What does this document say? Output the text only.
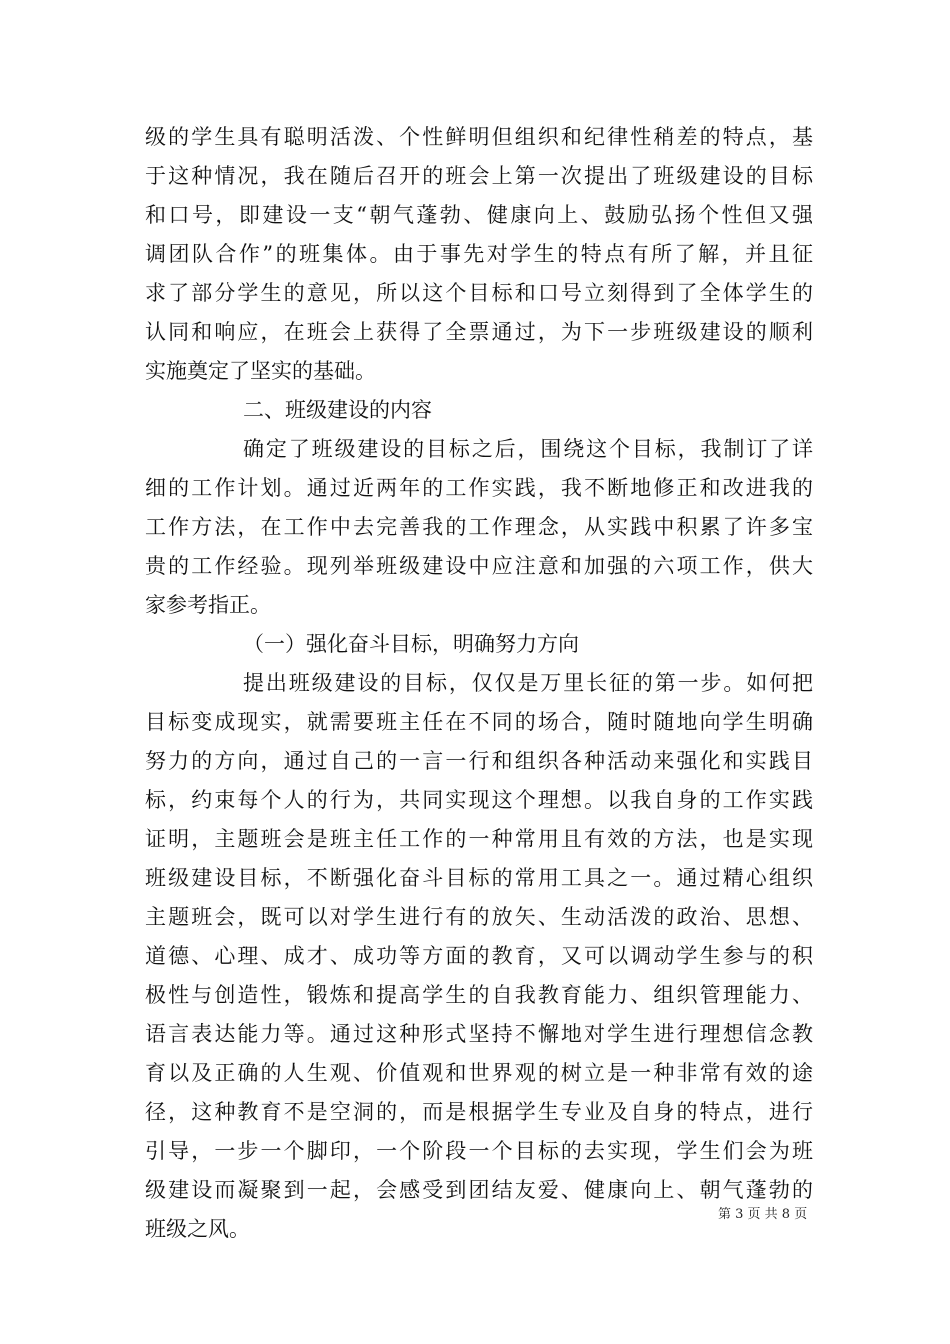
级的学生具有聪明活泼、个性鲜明但组织和纪律性稍差的特点，基
于这种情况，我在随后召开的班会上第一次提出了班级建设的目标
和口号，即建设一支“朝气蓬勃、健康向上、鼓励弘扬个性但又强
调团队合作”的班集体。由于事先对学生的特点有所了解，并且征
求了部分学生的意见，所以这个目标和口号立刻得到了全体学生的
认同和响应，在班会上获得了全票通过，为下一步班级建设的顺利
实施奠定了坚实的基础。
二、班级建设的内容
确定了班级建设的目标之后，围绕这个目标，我制订了详
细的工作计划。通过近两年的工作实践，我不断地修正和改进我的
工作方法，在工作中去完善我的工作理念，从实践中积累了许多宝
贵的工作经验。现列举班级建设中应注意和加强的六项工作，供大
家参考指正。
（一）强化奋斗目标，明确努力方向
提出班级建设的目标，仅仅是万里长征的第一步。如何把
目标变成现实，就需要班主任在不同的场合，随时随地向学生明确
努力的方向，通过自己的一言一行和组织各种活动来强化和实践目
标，约束每个人的行为，共同实现这个理想。以我自身的工作实践
证明，主题班会是班主任工作的一种常用且有效的方法，也是实现
班级建设目标，不断强化奋斗目标的常用工具之一。通过精心组织
主题班会，既可以对学生进行有的放矢、生动活泼的政治、思想、
道德、心理、成才、成功等方面的教育，又可以调动学生参与的积
极性与创造性，锻炼和提高学生的自我教育能力、组织管理能力、
语言表达能力等。通过这种形式坚持不懈地对学生进行理想信念教
育以及正确的人生观、价值观和世界观的树立是一种非常有效的途
径，这种教育不是空洞的，而是根据学生专业及自身的特点，进行
引导，一步一个脚印，一个阶段一个目标的去实现，学生们会为班
级建设而凝聚到一起，会感受到团结友爱、健康向上、朝气蓬勃的
班级之风。
第 3 页 共 8 页
